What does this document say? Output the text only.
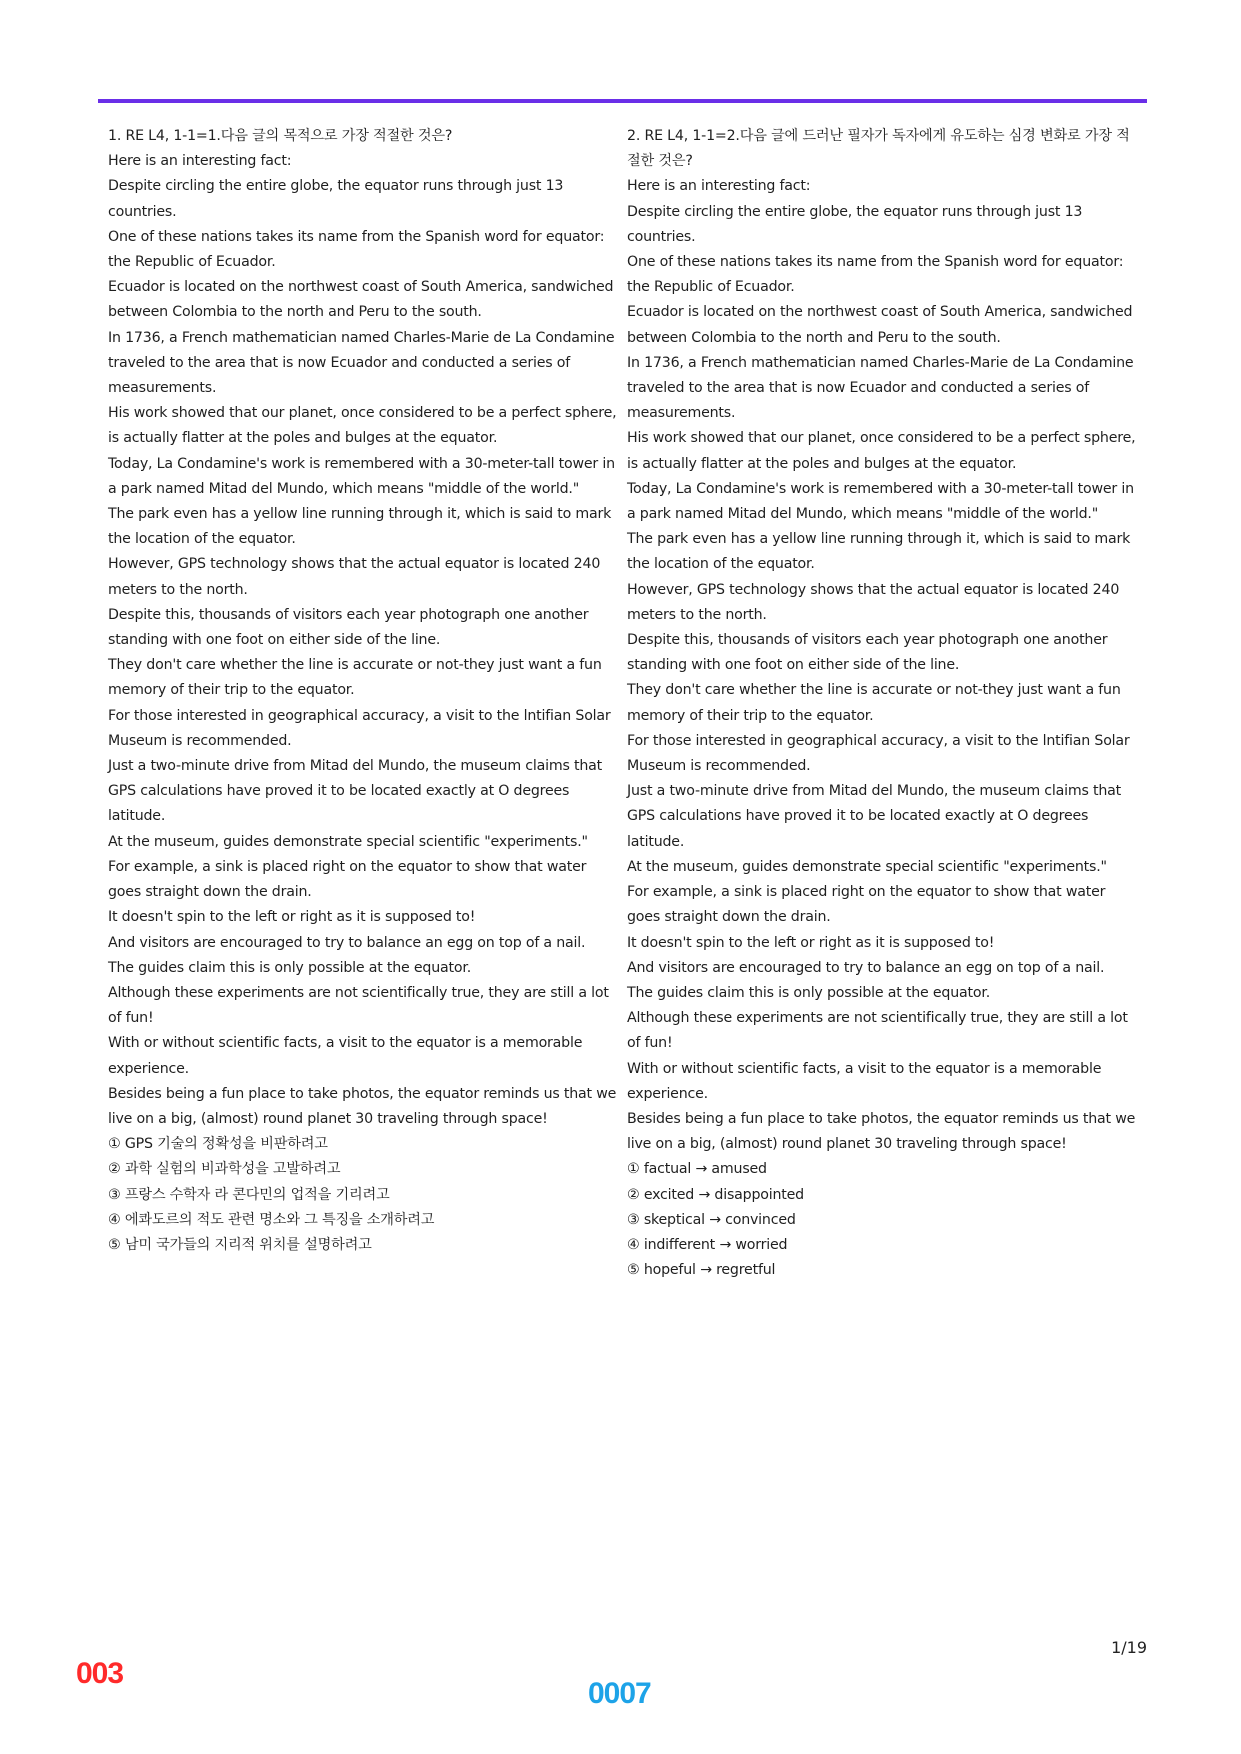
1. RE L4, 1-1=1.다음 글의 목적으로 가장 적절한 것은?

Here is an interesting fact:

Despite circling the entire globe, the equator runs through just 13 countries.

One of these nations takes its name from the Spanish word for equator: the Republic of Ecuador.

Ecuador is located on the northwest coast of South America, sandwiched between Colombia to the north and Peru to the south.

In 1736, a French mathematician named Charles-Marie de La Condamine traveled to the area that is now Ecuador and conducted a series of measurements.

His work showed that our planet, once considered to be a perfect sphere, is actually flatter at the poles and bulges at the equator.

Today, La Condamine's work is remembered with a 30-meter-tall tower in a park named Mitad del Mundo, which means "middle of the world."

The park even has a yellow line running through it, which is said to mark the location of the equator.

However, GPS technology shows that the actual equator is located 240 meters to the north.

Despite this, thousands of visitors each year photograph one another standing with one foot on either side of the line.

They don't care whether the line is accurate or not-they just want a fun memory of their trip to the equator.

For those interested in geographical accuracy, a visit to the lntifian Solar Museum is recommended.

Just a two-minute drive from Mitad del Mundo, the museum claims that GPS calculations have proved it to be located exactly at O degrees latitude.

At the museum, guides demonstrate special scientific "experiments."

For example, a sink is placed right on the equator to show that water goes straight down the drain.

It doesn't spin to the left or right as it is supposed to!

And visitors are encouraged to try to balance an egg on top of a nail.

The guides claim this is only possible at the equator.

Although these experiments are not scientifically true, they are still a lot of fun!

With or without scientific facts, a visit to the equator is a memorable experience.

Besides being a fun place to take photos, the equator reminds us that we live on a big, (almost) round planet 30 traveling through space!

① GPS 기술의 정확성을 비판하려고

② 과학 실험의 비과학성을 고발하려고

③ 프랑스 수학자 라 콘다민의 업적을 기리려고

④ 에콰도르의 적도 관련 명소와 그 특징을 소개하려고

⑤ 남미 국가들의 지리적 위치를 설명하려고

2. RE L4, 1-1=2.다음 글에 드러난 필자가 독자에게 유도하는 심경 변화로 가장 적절한 것은?

Here is an interesting fact:

Despite circling the entire globe, the equator runs through just 13 countries.

One of these nations takes its name from the Spanish word for equator: the Republic of Ecuador.

Ecuador is located on the northwest coast of South America, sandwiched between Colombia to the north and Peru to the south.

In 1736, a French mathematician named Charles-Marie de La Condamine traveled to the area that is now Ecuador and conducted a series of measurements.

His work showed that our planet, once considered to be a perfect sphere, is actually flatter at the poles and bulges at the equator.

Today, La Condamine's work is remembered with a 30-meter-tall tower in a park named Mitad del Mundo, which means "middle of the world."

The park even has a yellow line running through it, which is said to mark the location of the equator.

However, GPS technology shows that the actual equator is located 240 meters to the north.

Despite this, thousands of visitors each year photograph one another standing with one foot on either side of the line.

They don't care whether the line is accurate or not-they just want a fun memory of their trip to the equator.

For those interested in geographical accuracy, a visit to the lntifian Solar Museum is recommended.

Just a two-minute drive from Mitad del Mundo, the museum claims that GPS calculations have proved it to be located exactly at O degrees latitude.

At the museum, guides demonstrate special scientific "experiments."

For example, a sink is placed right on the equator to show that water goes straight down the drain.

It doesn't spin to the left or right as it is supposed to!

And visitors are encouraged to try to balance an egg on top of a nail.

The guides claim this is only possible at the equator.

Although these experiments are not scientifically true, they are still a lot of fun!

With or without scientific facts, a visit to the equator is a memorable experience.

Besides being a fun place to take photos, the equator reminds us that we live on a big, (almost) round planet 30 traveling through space!

① factual → amused

② excited → disappointed

③ skeptical → convinced

④ indifferent → worried

⑤ hopeful → regretful

1/19
003
0007
